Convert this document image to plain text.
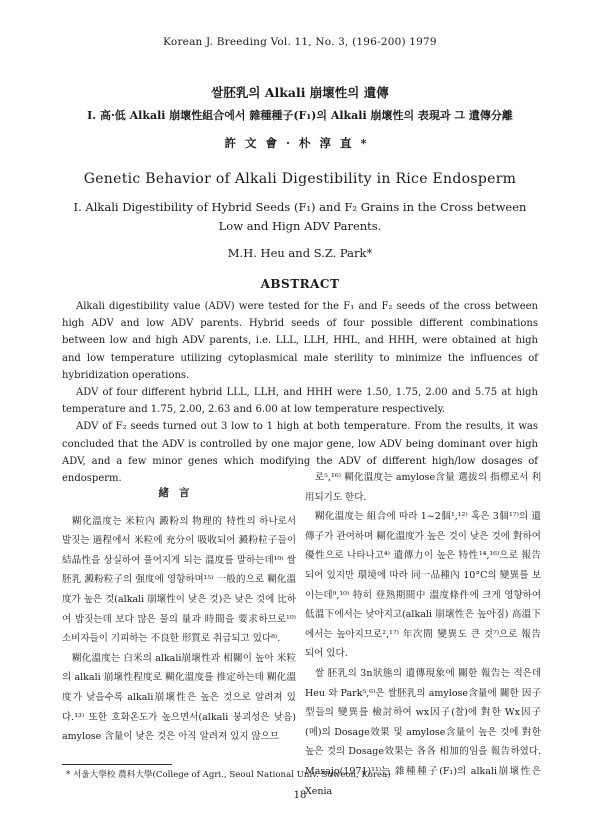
Korean J. Breeding Vol. 11, No. 3, (196-200) 1979
쌀胚乳의 Alkali 崩壞性의 遺傳
I. 高·低 Alkali 崩壞性組合에서 雜種種子(F₁)의 Alkali 崩壞性의 表現과 그 遺傳分離
許文會·朴淳直*
Genetic Behavior of Alkali Digestibility in Rice Endosperm
I. Alkali Digestibility of Hybrid Seeds (F₁) and F₂ Grains in the Cross between
Low and Hign ADV Parents.
M.H. Heu and S.Z. Park*
ABSTRACT

Alkali digestibility value (ADV) were tested for the F₁ and F₂ seeds of the cross between high ADV and low ADV parents. Hybrid seeds of four possible different combinations between low and high ADV parents, i.e. LLL, LLH, HHL, and HHH, were obtained at high and low temperature utilizing cytoplasmical male sterility to minimize the influences of hybridization operations.

ADV of four different hybrid LLL, LLH, and HHH were 1.50, 1.75, 2.00 and 5.75 at high temperature and 1.75, 2.00, 2.63 and 6.00 at low temperature respectively.

ADV of F₂ seeds turned out 3 low to 1 high at both temperature. From the results, it was concluded that the ADV is controlled by one major gene, low ADV being dominant over high ADV, and a few minor genes which modifying the ADV of different high/low dosages of endosperm.

緒言

糊化溫度는 米粒內 澱粉의 物理的 特性의 하나로서 발짓는 過程에서 米粒에 充分이 吸收되어 澱粉粒子들이 結晶性을 상실하여 풀어지게 되는 溫度를 말하는데¹⁰⁾ 쌀胚乳 澱粉粒子의 强度에 영향하며¹⁵⁾ 一般的으로 糊化溫度가 높은 것(alkali 崩壞性이 낮은 것)은 낮은 것에 比하여 밥짓는데 보다 많은 물의 量과 時間을 要求하므로¹⁰⁾ 소비자들이 기피하는 不良한 形質로 취급되고 있다⁸⁾.

糊化溫度는 白米의 alkali崩壞性과 相關이 높아 米粒의 alkali 崩壞性程度로 糊化溫度를 推定하는데 糊化溫度가 낮을수록 alkali崩壞性은 높은 것으로 알려져 있다.¹³⁾ 또한 호화온도가 높으면서(alkali 붕괴성은 낮음) amylose 含量이 낮은 것은 아직 알려져 있지 않으므

로⁵,¹⁶⁾ 糊化溫度는 amylose含量 選拔의 指標로서 利用되기도 한다.

糊化溫度는 組合에 따라 1~2個¹,¹²⁾ 혹은 3個¹⁷⁾의 遺傳子가 관여하며 糊化溫度가 높은 것이 낮은 것에 對하여 優性으로 나타나고⁴⁾ 遺傳力이 높은 特性¹⁴,¹⁶⁾으로 報告되어 있지만 環境에 따라 同一品種內 10°C의 變異를 보이는데⁹,¹⁰⁾ 特히 登熟期間中 溫度條件에 크게 영향하여 低溫下에서는 낮아지고(alkali 崩壞性은 높아짐) 高溫下에서는 높아지므로²,¹⁷⁾ 年次間 變異도 큰 것⁷⁾으로 報告되어 있다.

쌀 胚乳의 3n狀態의 遺傳現象에 關한 報告는 적은데 Heu 와 Park⁵,⁶⁾은 쌀胚乳의 amylose含量에 關한 因子型들의 變異를 檢討하여 wx因子(찰)에 對한 Wx因子(메)의 Dosage效果 및 amylose含量이 높은 것에 對한 높은 것의 Dosage效果는 各各 相加的임을 報告하였다. Masajo(1971)¹¹⁾는 雜種種子(F₁)의 alkali崩壞性은 Xenia

* 서울大學校 農科大學(College of Agri., Seoul National Univ. Suweon, Korea)
18
